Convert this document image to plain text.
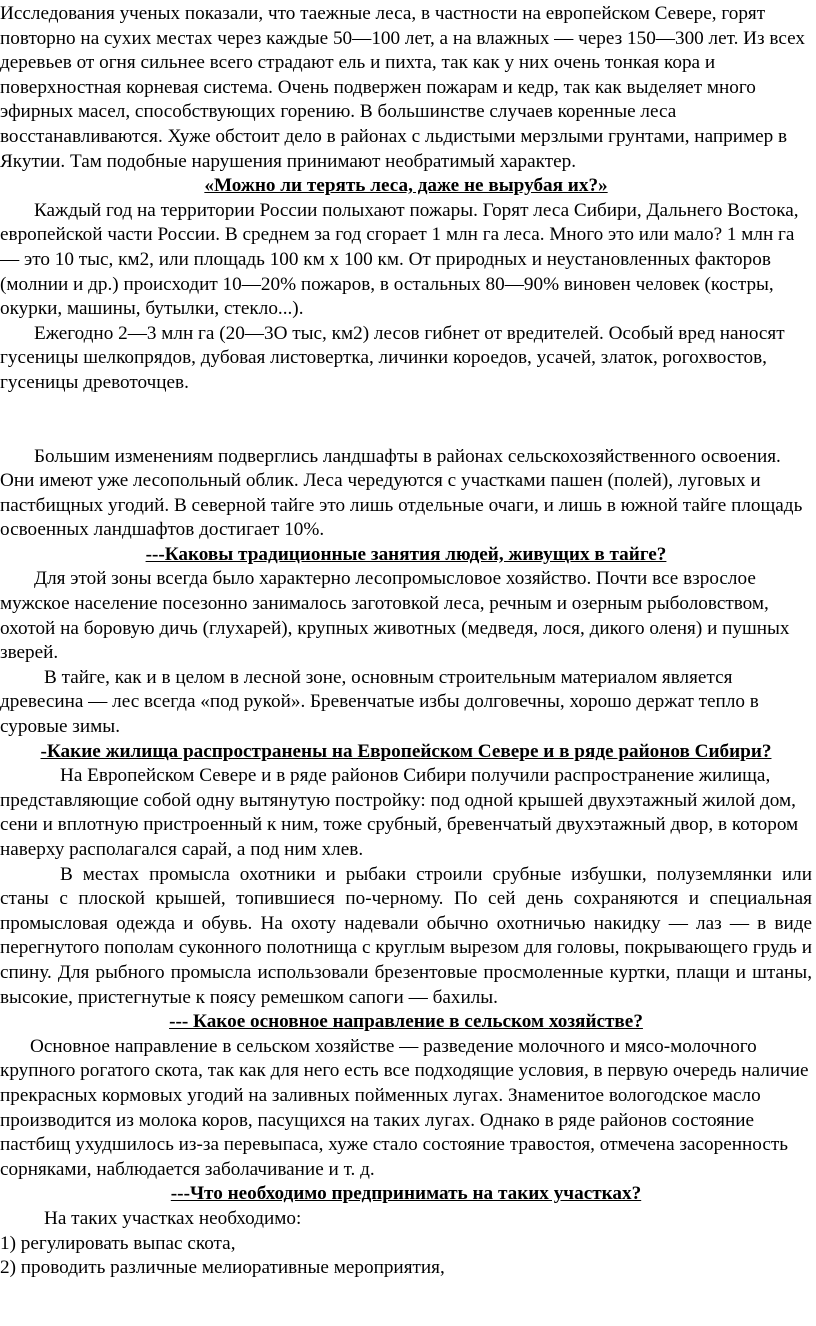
Исследования ученых показали, что таежные леса, в частности на европейском Севере, горят повторно на сухих местах через каждые 50—100 лет, а на влажных — через 150—300 лет. Из всех деревьев от огня сильнее всего страдают ель и пихта, так как у них очень тонкая кора и поверхностная корневая система. Очень подвержен пожарам и кедр, так как выделяет много эфирных масел, способствующих горению. В большинстве случаев коренные леса восстанавливаются. Хуже обстоит дело в районах с льдистыми мерзлыми грунтами, например в Якутии. Там подобные нарушения принимают необратимый характер.

«Можно ли терять леса, даже не вырубая их?»

Каждый год на территории России полыхают пожары. Горят леса Сибири, Дальнего Востока, европейской части России. В среднем за год сгорает 1 млн га леса. Много это или мало? 1 млн га — это 10 тыс, км2, или площадь 100 км х 100 км. От природных и неустановленных факторов (молнии и др.) происходит 10—20% пожаров, в остальных 80—90% виновен человек (костры, окурки, машины, бутылки, стекло...).

Ежегодно 2—3 млн га (20—3О тыс, км2) лесов гибнет от вредителей. Особый вред наносят гусеницы шелкопрядов, дубовая листовертка, личинки короедов, усачей, златок, рогохвостов, гусеницы древоточцев.

Большим изменениям подверглись ландшафты в районах сельскохозяйственного освоения. Они имеют уже лесопольный облик. Леса чередуются с участками пашен (полей), луговых и пастбищных угодий. В северной тайге это лишь отдельные очаги, и лишь в южной тайге площадь освоенных ландшафтов достигает 10%.

---Каковы традиционные занятия людей, живущих в тайге?

Для этой зоны всегда было характерно лесопромысловое хозяйство. Почти все взрослое мужское население посезонно занималось заготовкой леса, речным и озерным рыболовством, охотой на боровую дичь (глухарей), крупных животных (медведя, лося, дикого оленя) и пушных зверей.

В тайге, как и в целом в лесной зоне, основным строительным материалом является древесина — лес всегда «под рукой». Бревенчатые избы долговечны, хорошо держат тепло в суровые зимы.

-Какие жилища распространены на Европейском Севере и в ряде районов Сибири?

На Европейском Севере и в ряде районов Сибири получили распространение жилища, представляющие собой одну вытянутую постройку: под одной крышей двухэтажный жилой дом, сени и вплотную пристроенный к ним, тоже срубный, бревенчатый двухэтажный двор, в котором наверху располагался сарай, а под ним хлев.

В местах промысла охотники и рыбаки строили срубные избушки, полуземлянки или станы с плоской крышей, топившиеся по-черному. По сей день сохраняются и специальная промысловая одежда и обувь. На охоту надевали обычно охотничью накидку — лаз — в виде перегнутого пополам суконного полотнища с круглым вырезом для головы, покрывающего грудь и спину. Для рыбного промысла использовали брезентовые просмоленные куртки, плащи и штаны, высокие, пристегнутые к поясу ремешком сапоги — бахилы.

--- Какое основное направление в сельском хозяйстве?

Основное направление в сельском хозяйстве — разведение молочного и мясо-молочного крупного рогатого скота, так как для него есть все подходящие условия, в первую очередь наличие прекрасных кормовых угодий на заливных пойменных лугах. Знаменитое вологодское масло производится из молока коров, пасущихся на таких лугах. Однако в ряде районов состояние пастбищ ухудшилось из-за перевыпаса, хуже стало состояние травостоя, отмечена засоренность сорняками, наблюдается заболачивание и т. д.

---Что необходимо предпринимать на таких участках?

На таких участках необходимо:

1) регулировать выпас скота,

2) проводить различные мелиоративные мероприятия,
